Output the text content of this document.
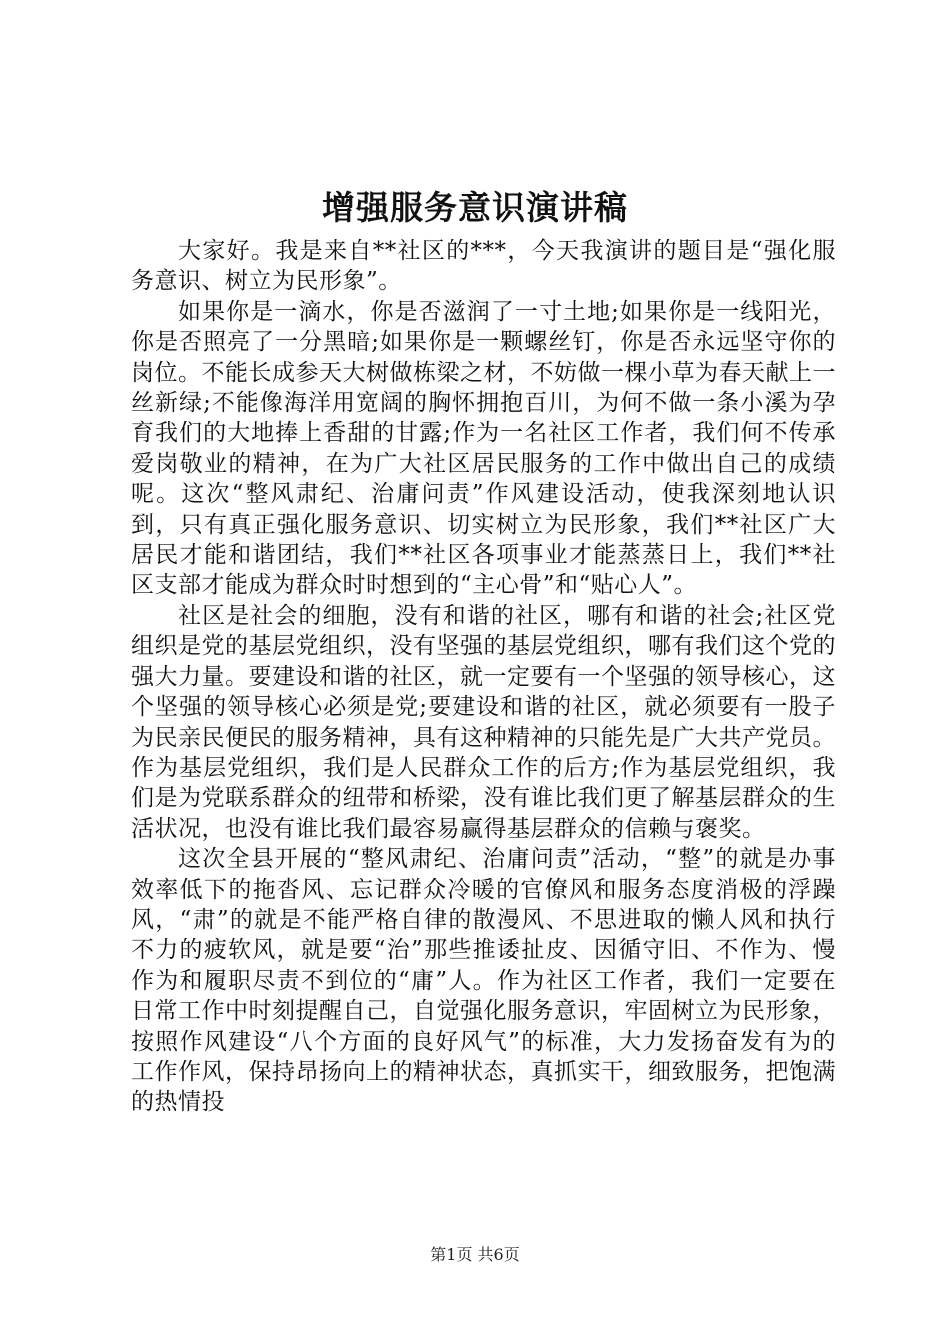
增强服务意识演讲稿

大家好。我是来自**社区的***，今天我演讲的题目是“强化服务意识、树立为民形象”。

如果你是一滴水，你是否滋润了一寸土地;如果你是一线阳光，你是否照亮了一分黑暗;如果你是一颗螺丝钉，你是否永远坚守你的岗位。不能长成参天大树做栋梁之材，不妨做一棵小草为春天献上一丝新绿;不能像海洋用宽阔的胸怀拥抱百川，为何不做一条小溪为孕育我们的大地捧上香甜的甘露;作为一名社区工作者，我们何不传承爱岗敬业的精神，在为广大社区居民服务的工作中做出自己的成绩呢。这次“整风肃纪、治庸问责”作风建设活动，使我深刻地认识到，只有真正强化服务意识、切实树立为民形象，我们**社区广大居民才能和谐团结，我们**社区各项事业才能蒸蒸日上，我们**社区支部才能成为群众时时想到的“主心骨”和“贴心人”。

社区是社会的细胞，没有和谐的社区，哪有和谐的社会;社区党组织是党的基层党组织，没有坚强的基层党组织，哪有我们这个党的强大力量。要建设和谐的社区，就一定要有一个坚强的领导核心，这个坚强的领导核心必须是党;要建设和谐的社区，就必须要有一股子为民亲民便民的服务精神，具有这种精神的只能先是广大共产党员。作为基层党组织，我们是人民群众工作的后方;作为基层党组织，我们是为党联系群众的纽带和桥梁，没有谁比我们更了解基层群众的生活状况，也没有谁比我们最容易赢得基层群众的信赖与褒奖。

这次全县开展的“整风肃纪、治庸问责”活动，“整”的就是办事效率低下的拖沓风、忘记群众冷暖的官僚风和服务态度消极的浮躁风，“肃”的就是不能严格自律的散漫风、不思进取的懒人风和执行不力的疲软风，就是要“治”那些推诿扯皮、因循守旧、不作为、慢作为和履职尽责不到位的“庸”人。作为社区工作者，我们一定要在日常工作中时刻提醒自己，自觉强化服务意识，牢固树立为民形象，按照作风建设“八个方面的良好风气”的标准，大力发扬奋发有为的工作作风，保持昂扬向上的精神状态，真抓实干，细致服务，把饱满的热情投

第1页 共6页
